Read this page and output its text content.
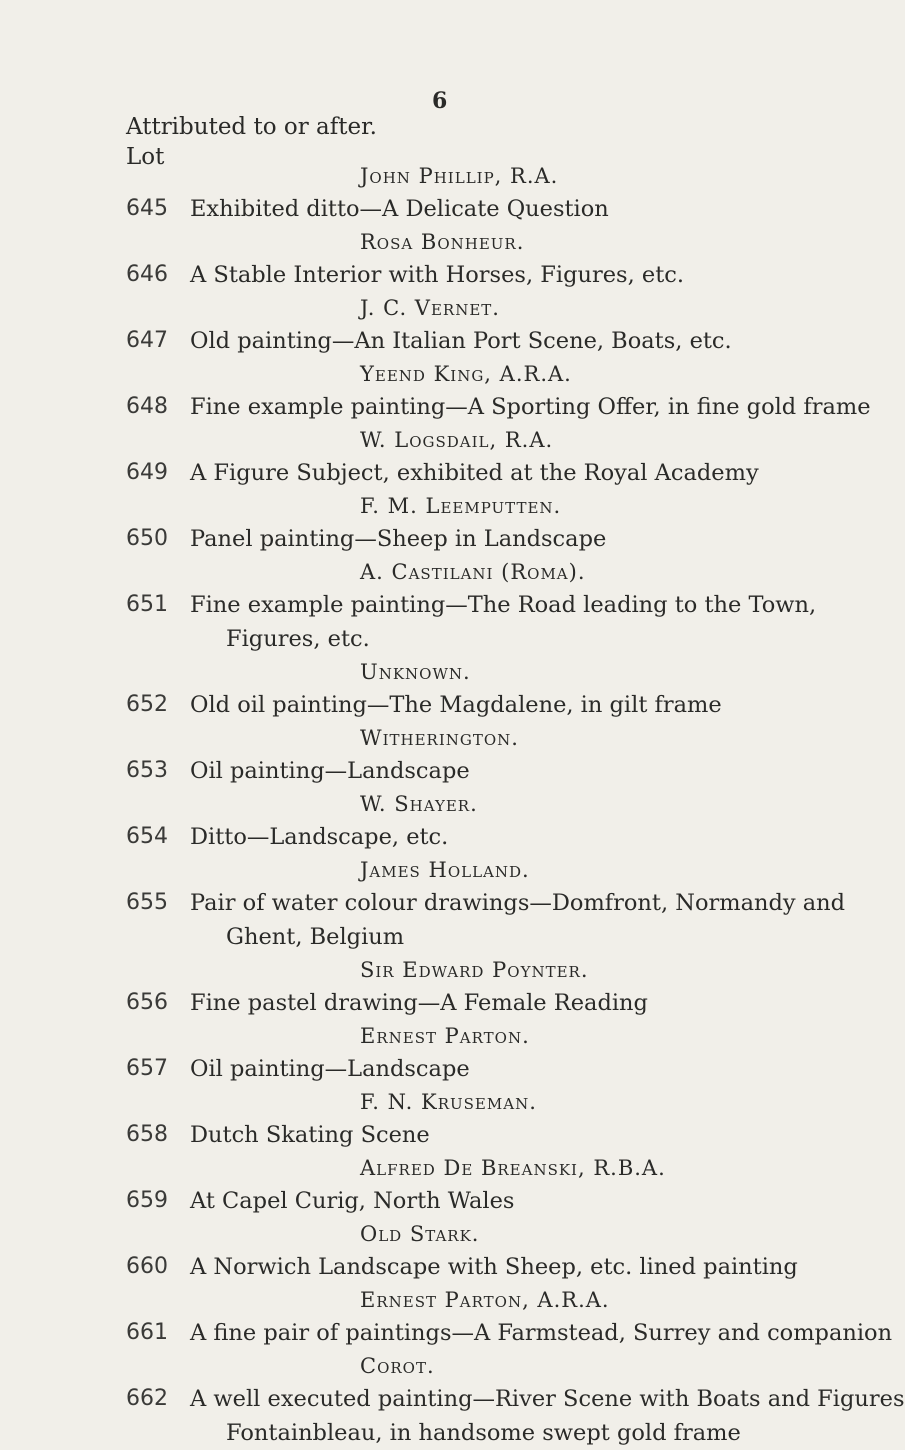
6
Attributed to or after.
Lot
John Phillip, R.A.
645 Exhibited ditto—A Delicate Question
Rosa Bonheur.
646 A Stable Interior with Horses, Figures, etc.
J. C. Vernet.
647 Old painting—An Italian Port Scene, Boats, etc.
Yeend King, A.R.A.
648 Fine example painting—A Sporting Offer, in fine gold frame
W. Logsdail, R.A.
649 A Figure Subject, exhibited at the Royal Academy
F. M. Leemputten.
650 Panel painting—Sheep in Landscape
A. Castilani (Roma).
651 Fine example painting—The Road leading to the Town,
Figures, etc.
Unknown.
652 Old oil painting—The Magdalene, in gilt frame
Witherington.
653 Oil painting—Landscape
W. Shayer.
654 Ditto—Landscape, etc.
James Holland.
655 Pair of water colour drawings—Domfront, Normandy and
Ghent, Belgium
Sir Edward Poynter.
656 Fine pastel drawing—A Female Reading
Ernest Parton.
657 Oil painting—Landscape
F. N. Krusеman.
658 Dutch Skating Scene
Alfred De Breanski, R.B.A.
659 At Capel Curig, North Wales
Old Stark.
660 A Norwich Landscape with Sheep, etc. lined painting
Ernest Parton, A.R.A.
661 A fine pair of paintings—A Farmstead, Surrey and companion
Corot.
662 A well executed painting—River Scene with Boats and Figures
Fontainbleau, in handsome swept gold frame
